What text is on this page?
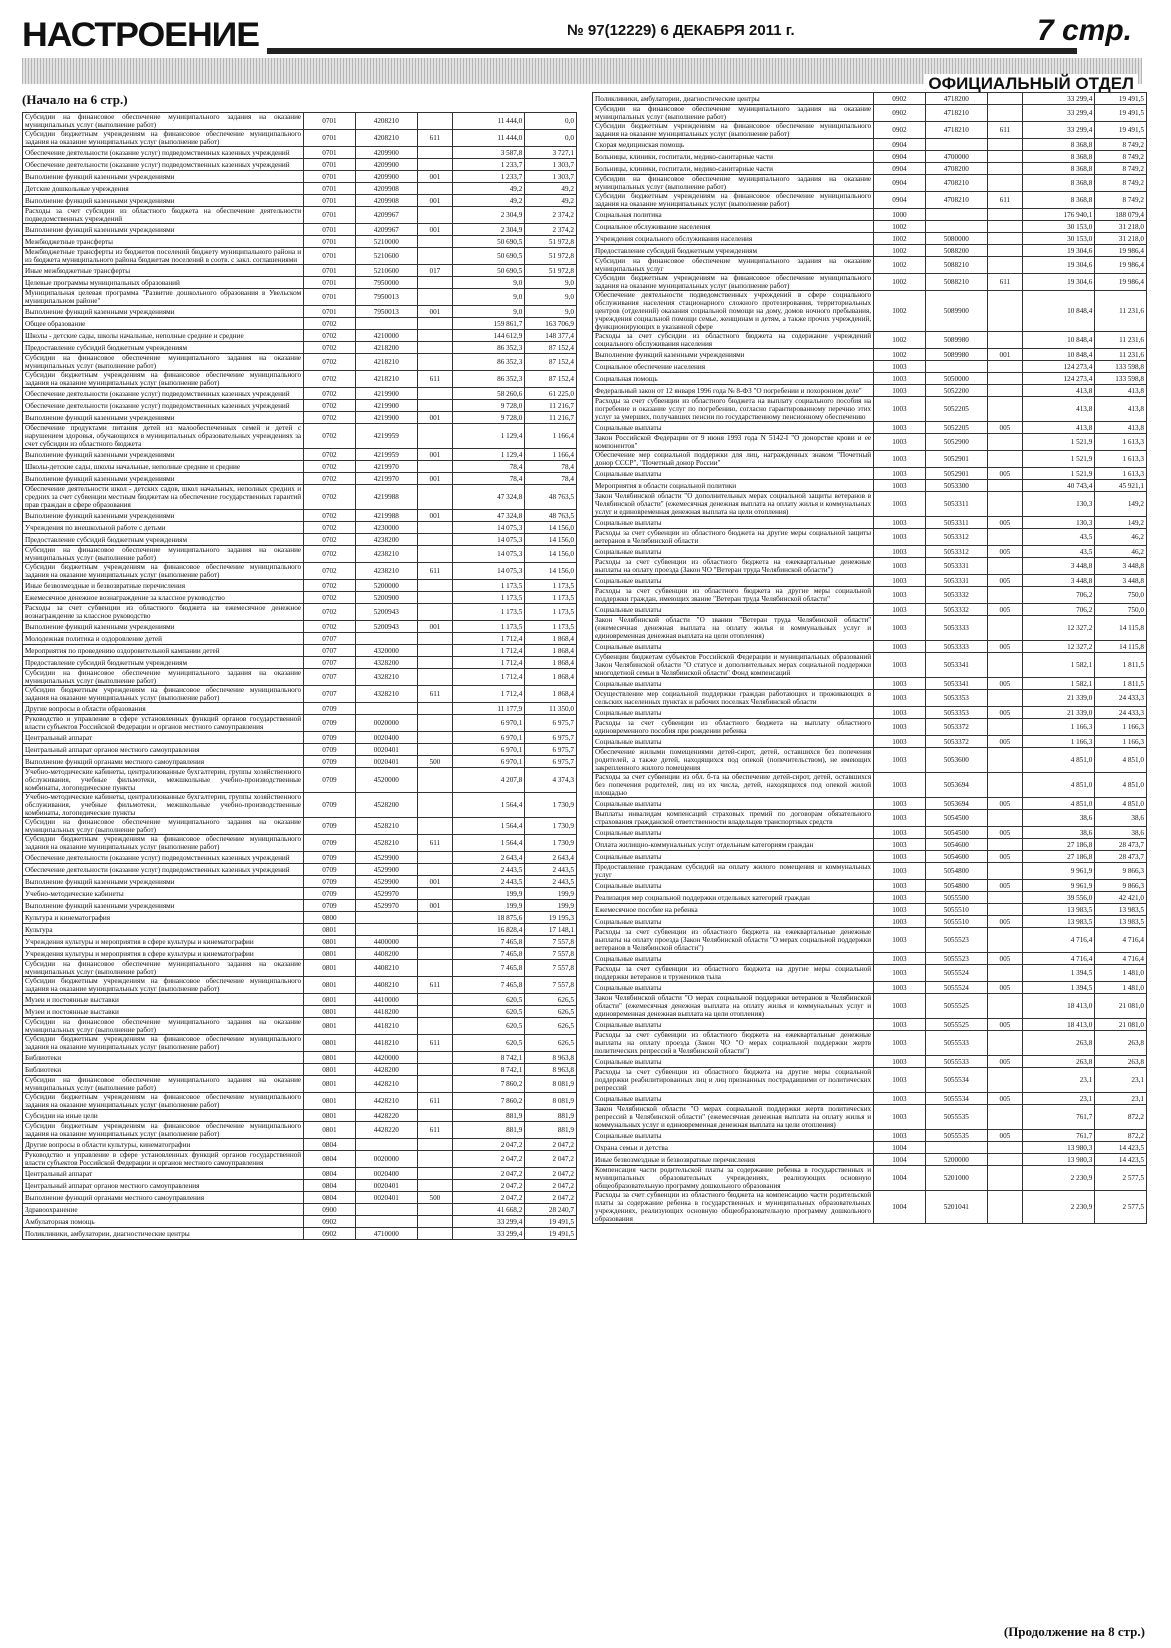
НАСТРОЕНИЕ	№ 97(12229) 6 ДЕКАБРЯ 2011 г.	7 стр.
ОФИЦИАЛЬНЫЙ ОТДЕЛ
(Начало на 6 стр.)
Субсидии на финансовое обеспечение муниципального задания на оказание муниципальных услуг (выполнение работ)	0701	4208210		11 444,0	0,0
Субсидии бюджетным учреждениям на финансовое обеспечение муниципального задания на оказание муниципальных услуг (выполнение работ)	0701	4208210	611	11 444,0	0,0
Обеспечение деятельности (оказание услуг) подведомственных казенных учреждений	0701	4209900		3 587,8	3 727,1
Обеспечение деятельности (оказание услуг) подведомственных казенных учреждений	0701	4209900		1 233,7	1 303,7
Выполнение функций казенными учреждениями	0701	4209900	001	1 233,7	1 303,7
Детские дошкольные учреждения	0701	4209908		49,2	49,2
Выполнение функций казенными учреждениями	0701	4209908	001	49,2	49,2
Расходы за счет субсидии из областного бюджета на обеспечение деятельности подведомственных учреждений	0701	4209967		2 304,9	2 374,2
Выполнение функций казенными учреждениями	0701	4209967	001	2 304,9	2 374,2
Межбюджетные трансферты	0701	5210000		50 690,5	51 972,8
Межбюджетные трансферты из бюджетов поселений бюджету муниципального района и из бюджета муниципального района бюджетам поселений в соотв. с закл. соглашениями	0701	5210600		50 690,5	51 972,8
Иные межбюджетные трансферты	0701	5210600	017	50 690,5	51 972,8
Целевые программы муниципальных образований	0701	7950000		9,0	9,0
Муниципальная целевая программа "Развитие дошкольного образования в Увельском муниципальном районе"	0701	7950013		9,0	9,0
Выполнение функций казенными учреждениями	0701	7950013	001	9,0	9,0
Общее образование	0702			159 861,7	163 706,9
Школы - детские сады, школы начальные, неполные средние и средние	0702	4210000		144 612,9	148 377,4
Предоставление субсидий бюджетным учреждениям	0702	4218200		86 352,3	87 152,4
Субсидии на финансовое обеспечение муниципального задания на оказание муниципальных услуг (выполнение работ)	0702	4218210		86 352,3	87 152,4
Субсидии бюджетным учреждениям на финансовое обеспечение муниципального задания на оказание муниципальных услуг (выполнение работ)	0702	4218210	611	86 352,3	87 152,4
Обеспечение деятельности (оказание услуг) подведомственных казенных учреждений	0702	4219900		58 260,6	61 225,0
Обеспечение деятельности (оказание услуг) подведомственных казенных учреждений	0702	4219900		9 728,0	11 216,7
Выполнение функций казенными учреждениями	0702	4219900	001	9 728,0	11 216,7
Обеспечение продуктами питания детей из малообеспеченных семей и детей с нарушением здоровья, обучающихся в муниципальных образовательных учреждениях за счет субсидии из областного бюджета	0702	4219959		1 129,4	1 166,4
Выполнение функций казенными учреждениями	0702	4219959	001	1 129,4	1 166,4
Школы-детские сады, школы начальные, неполные средние и средние	0702	4219970		78,4	78,4
Выполнение функций казенными учреждениями	0702	4219970	001	78,4	78,4
Обеспечение деятельности школ - детских садов, школ начальных, неполных средних и средних за счет субвенции местным бюджетам на обеспечение государственных гарантий прав граждан в сфере образования	0702	4219988		47 324,8	48 763,5
Выполнение функций казенными учреждениями	0702	4219988	001	47 324,8	48 763,5
Учреждения по внешкольной работе с детьми	0702	4230000		14 075,3	14 156,0
Предоставление субсидий бюджетным учреждениям	0702	4238200		14 075,3	14 156,0
Субсидии на финансовое обеспечение муниципального задания на оказание муниципальных услуг (выполнение работ)	0702	4238210		14 075,3	14 156,0
Субсидии бюджетным учреждениям на финансовое обеспечение муниципального задания на оказание муниципальных услуг (выполнение работ)	0702	4238210	611	14 075,3	14 156,0
Иные безвозмездные и безвозвратные перечисления	0702	5200000		1 173,5	1 173,5
Ежемесячное денежное вознаграждение за классное руководство	0702	5200900		1 173,5	1 173,5
Расходы за счет субвенции из областного бюджета на ежемесячное денежное вознаграждение за классное руководство	0702	5200943		1 173,5	1 173,5
Выполнение функций казенными учреждениями	0702	5200943	001	1 173,5	1 173,5
Молодежная политика и оздоровление детей	0707			1 712,4	1 868,4
Мероприятия по проведению оздоровительной кампании детей	0707	4320000		1 712,4	1 868,4
Предоставление субсидий бюджетным учреждениям	0707	4328200		1 712,4	1 868,4
Субсидии на финансовое обеспечение муниципального задания на оказание муниципальных услуг (выполнение работ)	0707	4328210		1 712,4	1 868,4
Субсидии бюджетным учреждениям на финансовое обеспечение муниципального задания на оказание муниципальных услуг (выполнение работ)	0707	4328210	611	1 712,4	1 868,4
Другие вопросы в области образования	0709			11 177,9	11 350,0
Руководство и управление в сфере установленных функций органов государственной власти субъектов Российской Федерации и органов местного самоуправления	0709	0020000		6 970,1	6 975,7
Центральный аппарат	0709	0020400		6 970,1	6 975,7
Центральный аппарат органов местного самоуправления	0709	0020401		6 970,1	6 975,7
Выполнение функций органами местного самоуправления	0709	0020401	500	6 970,1	6 975,7
Учебно-методические кабинеты, централизованные бухгалтерии, группы хозяйственного обслуживания, учебные фильмотеки, межшкольные учебно-производственные комбинаты, логопедические пункты	0709	4520000		4 207,8	4 374,3
Учебно-методические кабинеты, централизованные бухгалтерии, группы хозяйственного обслуживания, учебные фильмотеки, межшкольные учебно-производственные комбинаты, логопедические пункты	0709	4528200		1 564,4	1 730,9
Субсидии на финансовое обеспечение муниципального задания на оказание муниципальных услуг (выполнение работ)	0709	4528210		1 564,4	1 730,9
Субсидии бюджетным учреждениям на финансовое обеспечение муниципального задания на оказание муниципальных услуг (выполнение работ)	0709	4528210	611	1 564,4	1 730,9
Обеспечение деятельности (оказание услуг) подведомственных казенных учреждений	0709	4529900		2 643,4	2 643,4
Обеспечение деятельности (оказание услуг) подведомственных казенных учреждений	0709	4529900		2 443,5	2 443,5
Выполнение функций казенными учреждениями	0709	4529900	001	2 443,5	2 443,5
Учебно-методические кабинеты	0709	4529970		199,9	199,9
Выполнение функций казенными учреждениями	0709	4529970	001	199,9	199,9
Культура и кинематография	0800			18 875,6	19 195,3
Культура	0801			16 828,4	17 148,1
Учреждения культуры и мероприятия в сфере культуры и кинематографии	0801	4400000		7 465,8	7 557,8
Учреждения культуры и мероприятия в сфере культуры и кинематографии	0801	4408200		7 465,8	7 557,8
Субсидии на финансовое обеспечение муниципального задания на оказание муниципальных услуг (выполнение работ)	0801	4408210		7 465,8	7 557,8
Субсидии бюджетным учреждениям на финансовое обеспечение муниципального задания на оказание муниципальных услуг (выполнение работ)	0801	4408210	611	7 465,8	7 557,8
Музеи и постоянные выставки	0801	4410000		620,5	626,5
Музеи и постоянные выставки	0801	4418200		620,5	626,5
Субсидии на финансовое обеспечение муниципального задания на оказание муниципальных услуг (выполнение работ)	0801	4418210		620,5	626,5
Субсидии бюджетным учреждениям на финансовое обеспечение муниципального задания на оказание муниципальных услуг (выполнение работ)	0801	4418210	611	620,5	626,5
Библиотеки	0801	4420000		8 742,1	8 963,8
Библиотеки	0801	4428200		8 742,1	8 963,8
Субсидии на финансовое обеспечение муниципального задания на оказание муниципальных услуг (выполнение работ)	0801	4428210		7 860,2	8 081,9
Субсидии бюджетным учреждениям на финансовое обеспечение муниципального задания на оказание муниципальных услуг (выполнение работ)	0801	4428210	611	7 860,2	8 081,9
Субсидии на иные цели	0801	4428220		881,9	881,9
Субсидии бюджетным учреждениям на финансовое обеспечение муниципального задания на оказание муниципальных услуг (выполнение работ)	0801	4428220	611	881,9	881,9
Другие вопросы в области культуры, кинематографии	0804			2 047,2	2 047,2
Руководство и управление в сфере установленных функций органов государственной власти субъектов Российской Федерации и органов местного самоуправления	0804	0020000		2 047,2	2 047,2
Центральный аппарат	0804	0020400		2 047,2	2 047,2
Центральный аппарат органов местного самоуправления	0804	0020401		2 047,2	2 047,2
Выполнение функций органами местного самоуправления	0804	0020401	500	2 047,2	2 047,2
Здравоохранение	0900			41 668,2	28 240,7
Амбулаторная помощь	0902			33 299,4	19 491,5
Поликлиники, амбулатории, диагностические центры	0902	4710000		33 299,4	19 491,5
Поликлиники, амбулатории, диагностические центры	0902	4718200		33 299,4	19 491,5
Субсидии на финансовое обеспечение муниципального задания на оказание муниципальных услуг (выполнение работ)	0902	4718210		33 299,4	19 491,5
Субсидии бюджетным учреждениям на финансовое обеспечение муниципального задания на оказание муниципальных услуг (выполнение работ)	0902	4718210	611	33 299,4	19 491,5
Скорая медицинская помощь	0904			8 368,8	8 749,2
Больницы, клиники, госпитали, медико-санитарные части	0904	4700000		8 368,8	8 749,2
Больницы, клиники, госпитали, медико-санитарные части	0904	4708200		8 368,8	8 749,2
Субсидии на финансовое обеспечение муниципального задания на оказание муниципальных услуг (выполнение работ)	0904	4708210		8 368,8	8 749,2
Субсидии бюджетным учреждениям на финансовое обеспечение муниципального задания на оказание муниципальных услуг (выполнение работ)	0904	4708210	611	8 368,8	8 749,2
Социальная политика	1000			176 940,1	188 079,4
Социальное обслуживание населения	1002			30 153,0	31 218,0
Учреждения социального обслуживания населения	1002	5080000		30 153,0	31 218,0
Предоставление субсидий бюджетным учреждениям	1002	5088200		19 304,6	19 986,4
Субсидии на финансовое обеспечение муниципального задания на оказание муниципальных услуг	1002	5088210		19 304,6	19 986,4
Субсидии бюджетным учреждениям на финансовое обеспечение муниципального задания на оказание муниципальных услуг (выполнение работ)	1002	5088210	611	19 304,6	19 986,4
Обеспечение деятельности подведомственных учреждений в сфере социального обслуживания населения стационарного сложного протезирования, территориальных центров (отделений) оказания социальной помощи на дому, домов ночного пребывания, учреждения социальной помощи семье, женщинам и детям, а также прочих учреждений, функционирующих в указанной сфере	1002	5089900		10 848,4	11 231,6
Расходы за счет субсидии из областного бюджета на содержание учреждений социального обслуживания населения	1002	5089980		10 848,4	11 231,6
Выполнение функций казенными учреждениями	1002	5089980	001	10 848,4	11 231,6
Социальное обеспечение населения	1003			124 273,4	133 598,8
Социальная помощь	1003	5050000		124 273,4	133 598,8
Федеральный закон от 12 января 1996 года № 8-ФЗ "О погребении и похоронном деле"	1003	5052200		413,8	413,8
Расходы за счет субвенции из областного бюджета на выплату социального пособия на погребение и оказание услуг по погребению, согласно гарантированному перечню этих услуг за умерших, получавших пенсии по государственному пенсионному обеспечению	1003	5052205		413,8	413,8
Социальные выплаты	1003	5052205	005	413,8	413,8
Закон Российской Федерации от 9 июня 1993 года N 5142-I "О донорстве крови и ее компонентов"	1003	5052900		1 521,9	1 613,3
Обеспечение мер социальной поддержки для лиц, награжденных знаком "Почетный донор СССР", "Почетный донор России"	1003	5052901		1 521,9	1 613,3
Социальные выплаты	1003	5052901	005	1 521,9	1 613,3
Мероприятия в области социальной политики	1003	5053300		40 743,4	45 921,1
Закон Челябинской области "О дополнительных мерах социальной защиты ветеранов в Челябинской области" (ежемесячная денежная выплата на оплату жилья и коммунальных услуг и единовременная денежная выплата на цели отопления)	1003	5053311		130,3	149,2
Социальные выплаты	1003	5053311	005	130,3	149,2
Расходы за счет субвенции из областного бюджета на другие меры социальной защиты ветеранов в Челябинской области	1003	5053312		43,5	46,2
Социальные выплаты	1003	5053312	005	43,5	46,2
Расходы за счет субвенции из областного бюджета на ежеквартальные денежные выплаты на оплату проезда (Закон ЧО "Ветеран труда Челябинской области")	1003	5053331		3 448,8	3 448,8
Социальные выплаты	1003	5053331	005	3 448,8	3 448,8
Расходы за счет субвенции из областного бюджета на другие меры социальной поддержки граждан, имеющих звание "Ветеран труда Челябинской области"	1003	5053332		706,2	750,0
Социальные выплаты	1003	5053332	005	706,2	750,0
Закон Челябинской области "О звании "Ветеран труда Челябинской области" (ежемесячная денежная выплата на оплату жилья и коммунальных услуг и единовременная денежная выплата на цели отопления)	1003	5053333		12 327,2	14 115,8
Социальные выплаты	1003	5053333	005	12 327,2	14 115,8
Субвенции бюджетам субъектов Российской Федерации и муниципальных образований Закон Челябинской области "О статусе и дополнительных мерах социальной поддержки многодетной семьи в Челябинской области" Фонд компенсаций	1003	5053341		1 582,1	1 811,5
Социальные выплаты	1003	5053341	005	1 582,1	1 811,5
Осуществление мер социальной поддержки граждан работающих и проживающих в сельских населенных пунктах и рабочих поселках Челябинской области	1003	5053353		21 339,0	24 433,3
Социальные выплаты	1003	5053353	005	21 339,0	24 433,3
Расходы за счет субвенции из областного бюджета на выплату областного единовременного пособия при рождении ребенка	1003	5053372		1 166,3	1 166,3
Социальные выплаты	1003	5053372	005	1 166,3	1 166,3
Обеспечение жилыми помещениями детей-сирот, детей, оставшихся без попечения родителей, а также детей, находящихся под опекой (попечительством), не имеющих закрепленного жилого помещения	1003	5053600		4 851,0	4 851,0
Расходы за счет субвенции из обл. б-та на обеспечение детей-сирот, детей, оставшихся без попечения родителей, лиц из их числа, детей, находящихся под опекой жилой площадью	1003	5053694		4 851,0	4 851,0
Социальные выплаты	1003	5053694	005	4 851,0	4 851,0
Выплаты инвалидам компенсаций страховых премий по договорам обязательного страхования гражданской ответственности владельцев транспортных средств	1003	5054500		38,6	38,6
Социальные выплаты	1003	5054500	005	38,6	38,6
Оплата жилищно-коммунальных услуг отдельным категориям граждан	1003	5054600		27 186,8	28 473,7
Социальные выплаты	1003	5054600	005	27 186,8	28 473,7
Предоставление гражданам субсидий на оплату жилого помещения и коммунальных услуг	1003	5054800		9 961,9	9 866,3
Социальные выплаты	1003	5054800	005	9 961,9	9 866,3
Реализация мер социальной поддержки отдельных категорий граждан	1003	5055500		39 556,0	42 421,0
Ежемесячное пособие на ребенка	1003	5055510		13 983,5	13 983,5
Социальные выплаты	1003	5055510	005	13 983,5	13 983,5
Расходы за счет субвенции из областного бюджета на ежеквартальные денежные выплаты на оплату проезда (Закон Челябинской области "О мерах социальной поддержки ветеранов в Челябинской области")	1003	5055523		4 716,4	4 716,4
Социальные выплаты	1003	5055523	005	4 716,4	4 716,4
Расходы за счет субвенции из областного бюджета на другие меры социальной поддержки ветеранов и тружеников тыла	1003	5055524		1 394,5	1 481,0
Социальные выплаты	1003	5055524	005	1 394,5	1 481,0
Закон Челябинской области "О мерах социальной поддержки ветеранов в Челябинской области" (ежемесячная денежная выплата на оплату жилья и коммунальных услуг и единовременная денежная выплата на цели отопления)	1003	5055525		18 413,0	21 081,0
Социальные выплаты	1003	5055525	005	18 413,0	21 081,0
Расходы за счет субвенции из областного бюджета на ежеквартальные денежные выплаты на оплату проезда (Закон ЧО "О мерах социальной поддержки жертв политических репрессий в Челябинской области")	1003	5055533		263,8	263,8
Социальные выплаты	1003	5055533	005	263,8	263,8
Расходы за счет субвенции из областного бюджета на другие меры социальной поддержки реабилитированных лиц и лиц признанных пострадавшими от политических репрессий	1003	5055534		23,1	23,1
Социальные выплаты	1003	5055534	005	23,1	23,1
Закон Челябинской области "О мерах социальной поддержки жертв политических репрессий в Челябинской области" (ежемесячная денежная выплата на оплату жилья и коммунальных услуг и единовременная денежная выплата на цели отопления)	1003	5055535		761,7	872,2
Социальные выплаты	1003	5055535	005	761,7	872,2
Охрана семьи и детства	1004			13 980,3	14 423,5
Иные безвозмездные и безвозвратные перечисления	1004	5200000		13 980,3	14 423,5
Компенсация части родительской платы за содержание ребенка в государственных и муниципальных образовательных учреждениях, реализующих основную общеобразовательную программу дошкольного образования	1004	5201000		2 230,9	2 577,5
Расходы за счет субвенции из областного бюджета на компенсацию части родительской платы за содержание ребенка в государственных и муниципальных образовательных учреждениях, реализующих основную общеобразовательную программу дошкольного образования	1004	5201041		2 230,9	2 577,5
(Продолжение на 8 стр.)
